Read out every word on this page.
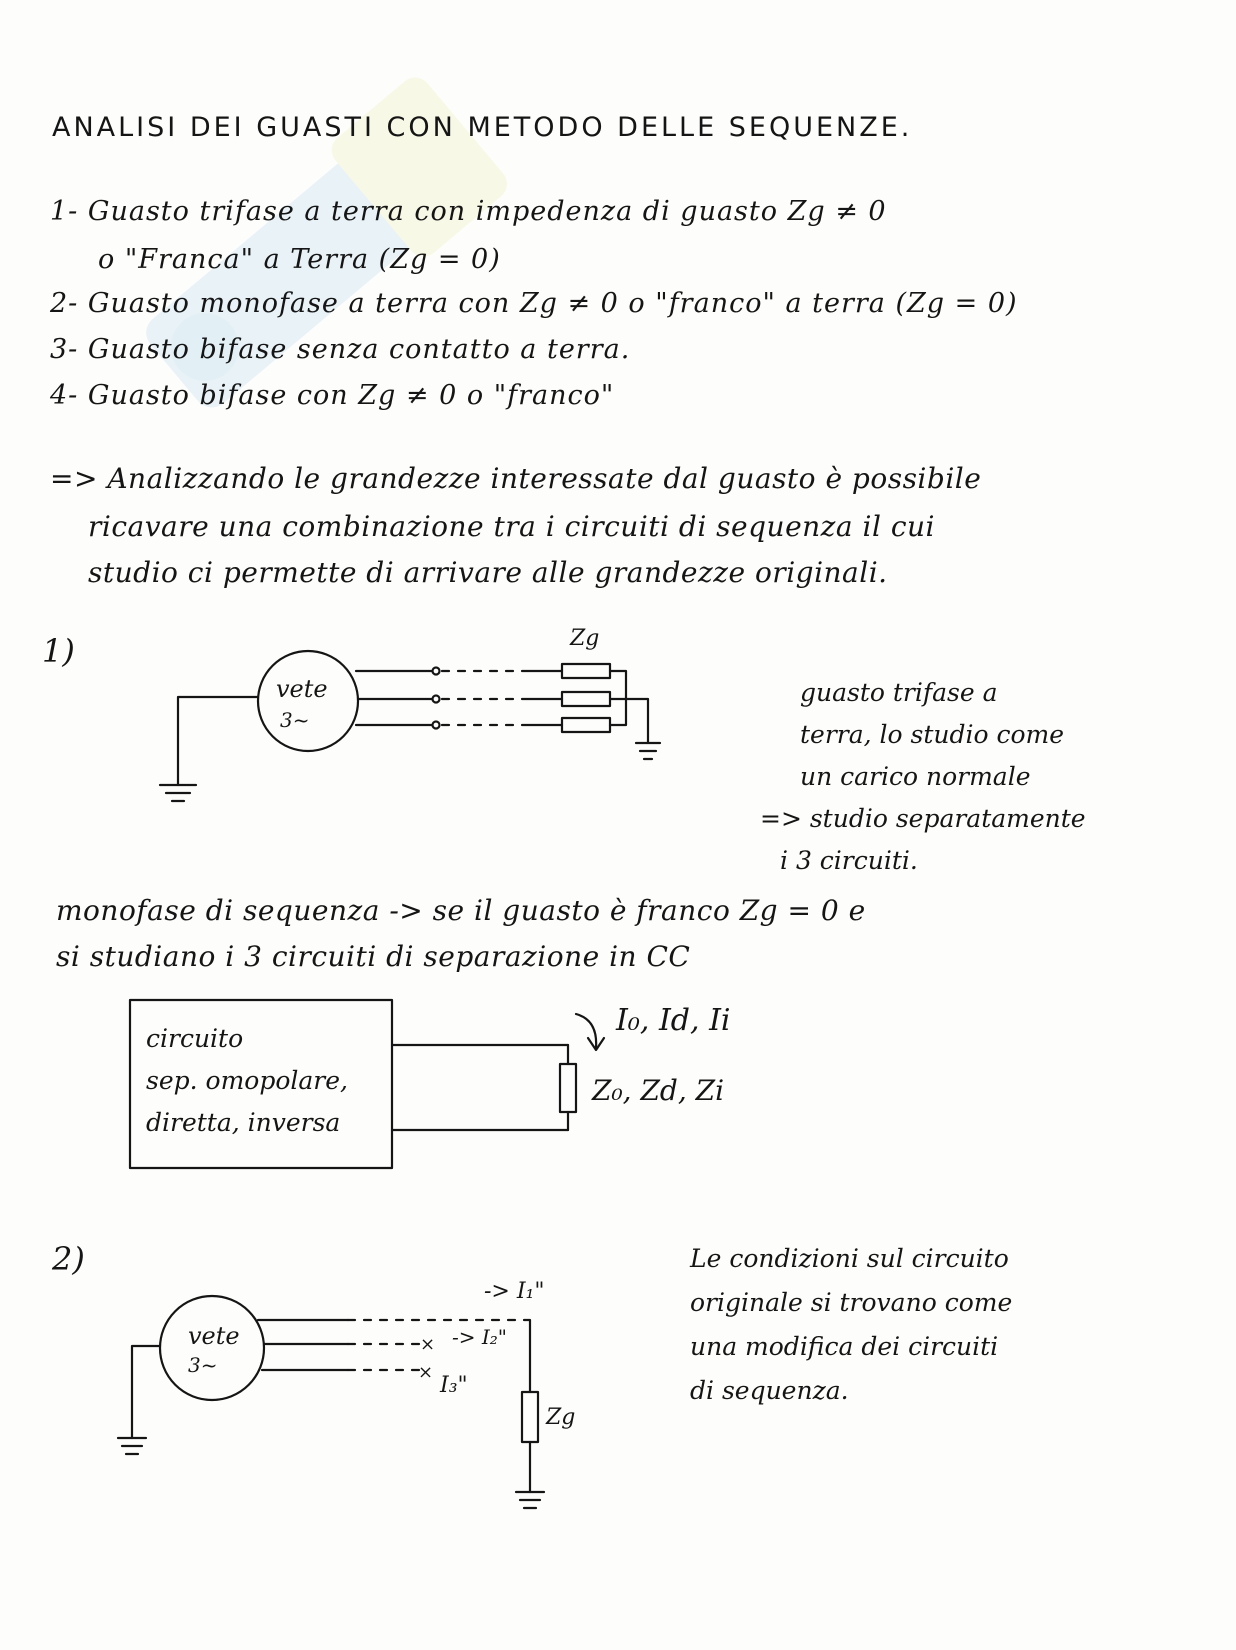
ANALISI DEI GUASTI CON METODO DELLE SEQUENZE.
1- Guasto trifase a terra con impedenza di guasto Zg ≠ 0
o "Franca" a Terra (Zg = 0)
2- Guasto monofase a terra con Zg ≠ 0 o "franco" a terra (Zg = 0)
3- Guasto bifase senza contatto a terra.
4- Guasto bifase con Zg ≠ 0 o "franco"
=> Analizzando le grandezze interessate dal guasto è possibile
ricavare una combinazione tra i circuiti di sequenza il cui
studio ci permette di arrivare alle grandezze originali.
1)
vete
3~
Zg
guasto trifase a
terra, lo studio come
un carico normale
=> studio separatamente
i 3 circuiti.
monofase di sequenza -> se il guasto è franco Zg = 0 e
si studiano i 3 circuiti di separazione in CC
I₀, Id, Ii
Z₀, Zd, Zi
circuito
sep. omopolare,
diretta, inversa
2)
vete
3~
×
×
-> I₁"
-> I₂"
I₃"
Zg
Le condizioni sul circuito
originale si trovano come
una modifica dei circuiti
di sequenza.
